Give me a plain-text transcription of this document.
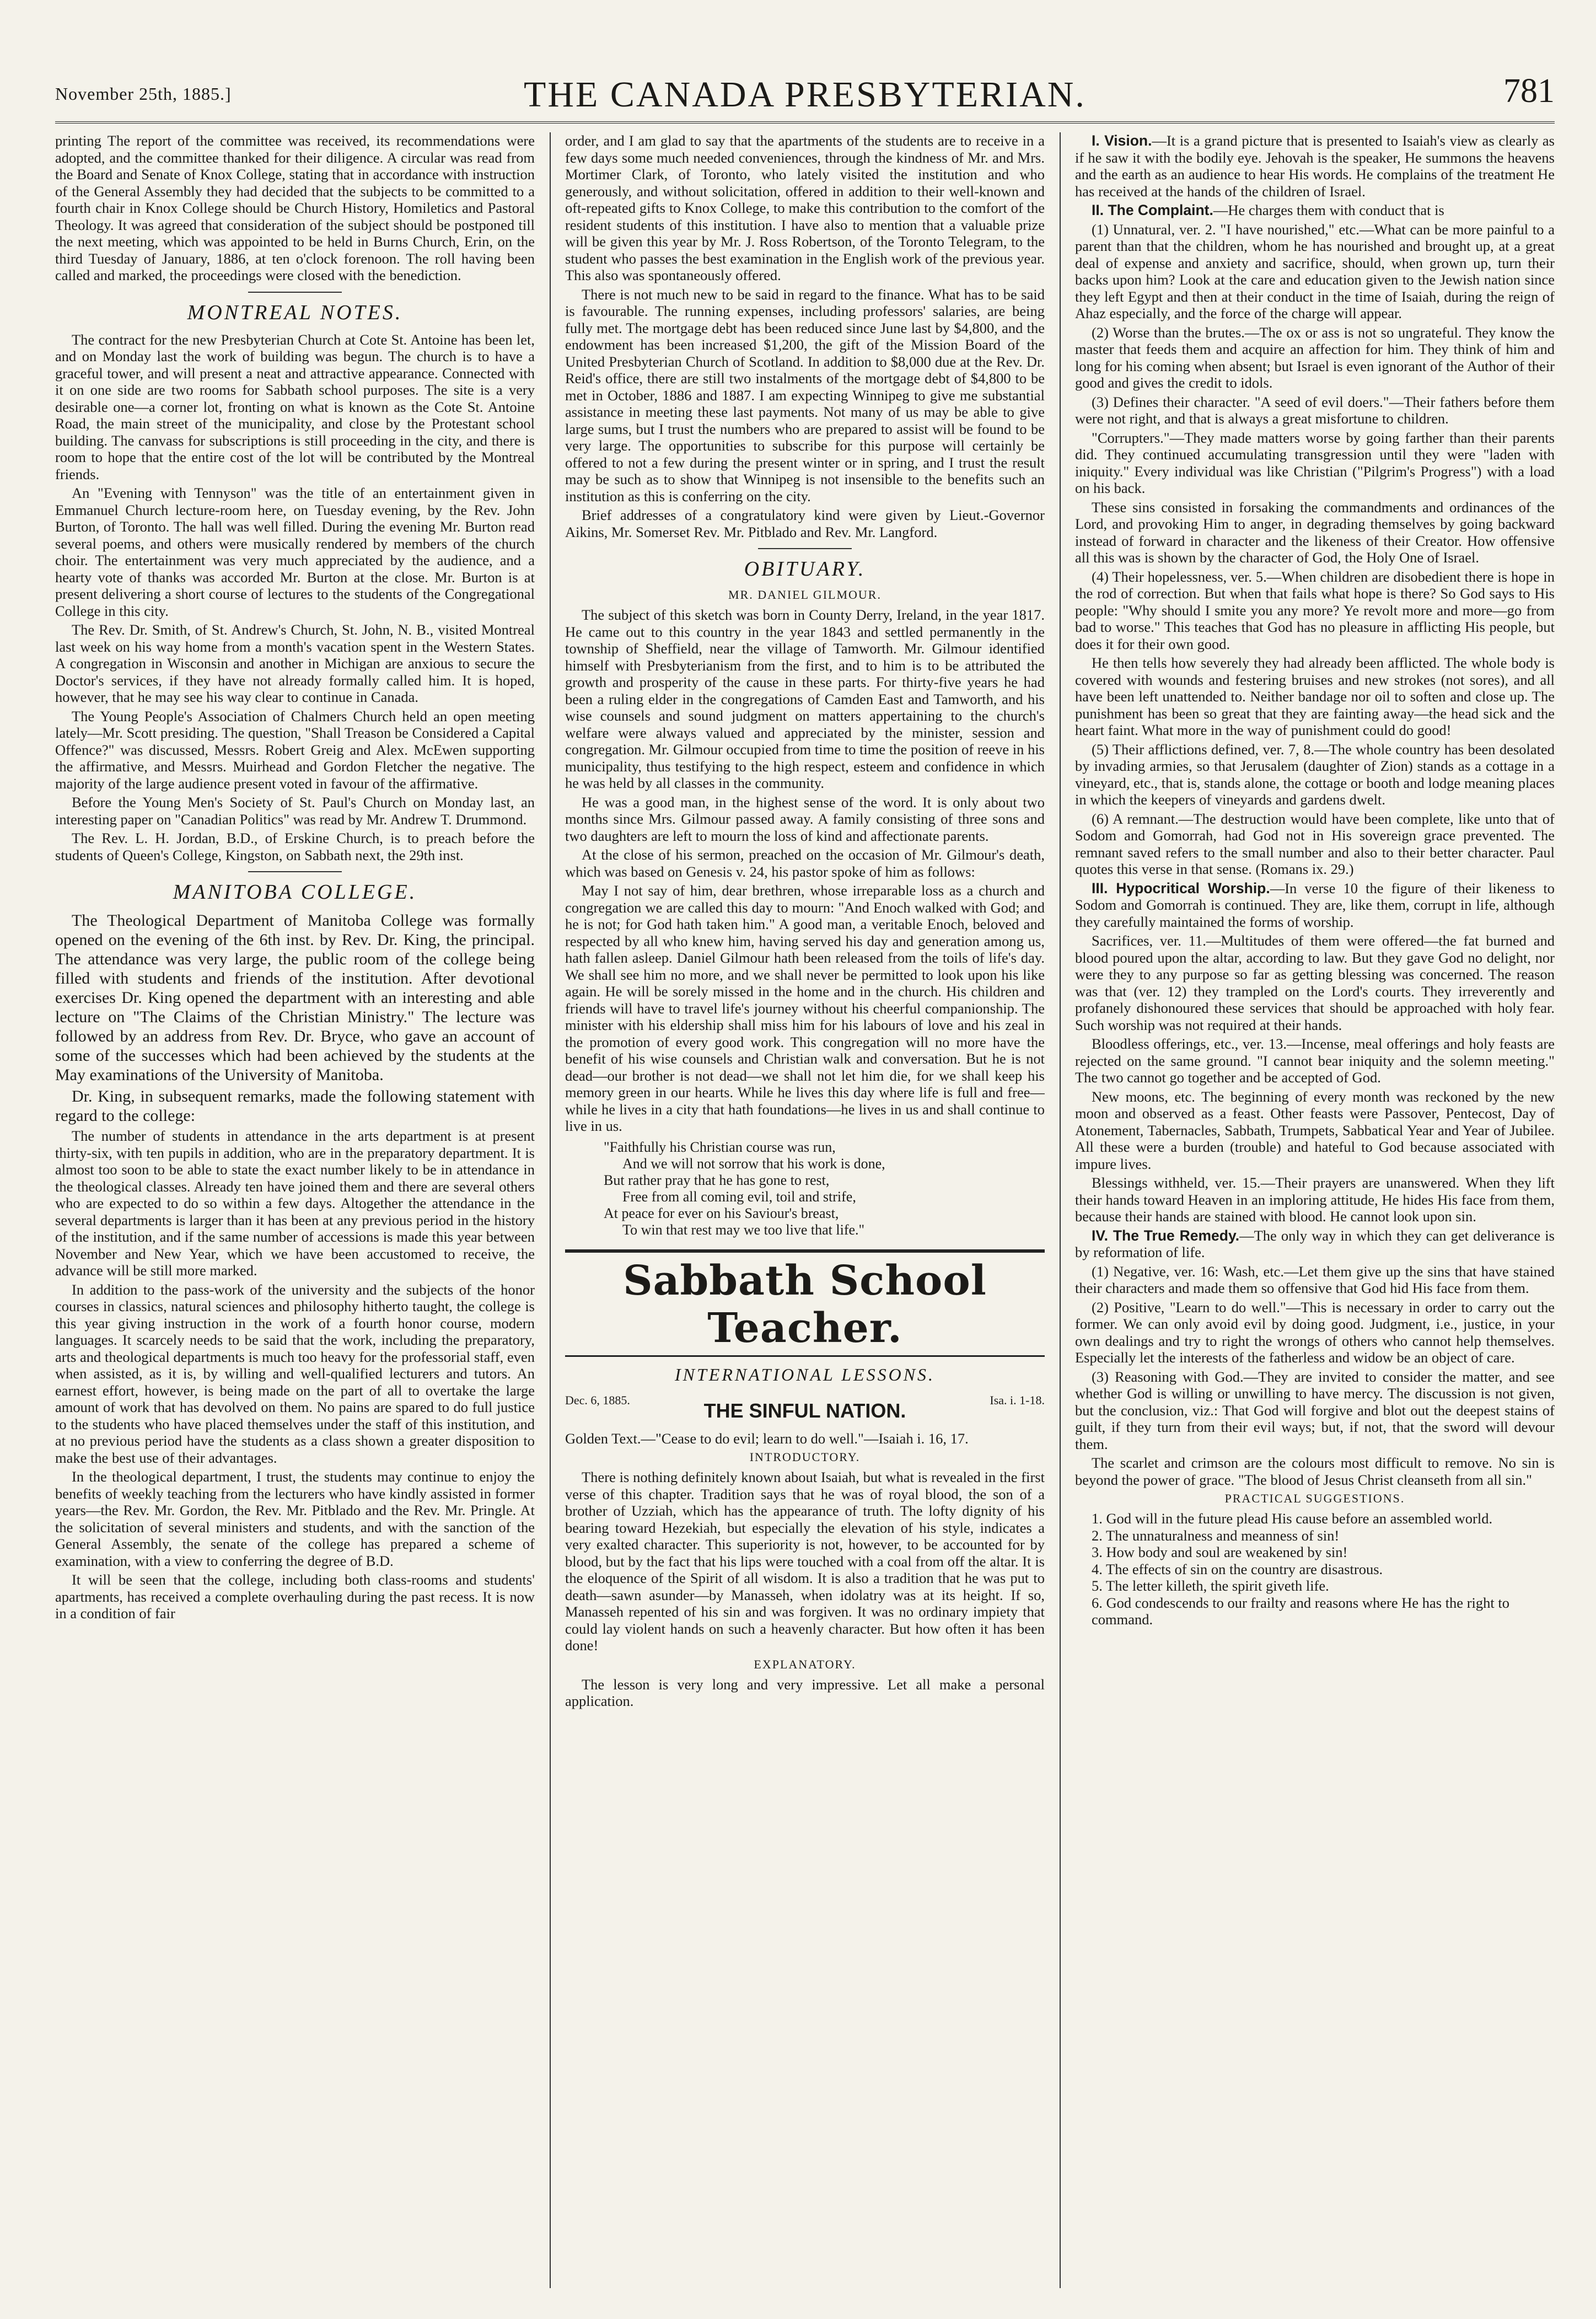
November 25th, 1885.]	THE CANADA PRESBYTERIAN.	781

printing The report of the committee was received, its recommendations were adopted, and the committee thanked for their diligence. A circular was read from the Board and Senate of Knox College, stating that in accordance with instruction of the General Assembly they had decided that the subjects to be committed to a fourth chair in Knox College should be Church History, Homiletics and Pastoral Theology. It was agreed that consideration of the subject should be postponed till the next meeting, which was appointed to be held in Burns Church, Erin, on the third Tuesday of January, 1886, at ten o'clock forenoon. The roll having been called and marked, the proceedings were closed with the benediction.

MONTREAL NOTES.

The contract for the new Presbyterian Church at Cote St. Antoine has been let, and on Monday last the work of building was begun. The church is to have a graceful tower, and will present a neat and attractive appearance. Connected with it on one side are two rooms for Sabbath school purposes. The site is a very desirable one—a corner lot, fronting on what is known as the Cote St. Antoine Road, the main street of the municipality, and close by the Protestant school building. The canvass for subscriptions is still proceeding in the city, and there is room to hope that the entire cost of the lot will be contributed by the Montreal friends.

An "Evening with Tennyson" was the title of an entertainment given in Emmanuel Church lecture-room here, on Tuesday evening, by the Rev. John Burton, of Toronto. The hall was well filled. During the evening Mr. Burton read several poems, and others were musically rendered by members of the church choir. The entertainment was very much appreciated by the audience, and a hearty vote of thanks was accorded Mr. Burton at the close. Mr. Burton is at present delivering a short course of lectures to the students of the Congregational College in this city.

The Rev. Dr. Smith, of St. Andrew's Church, St. John, N. B., visited Montreal last week on his way home from a month's vacation spent in the Western States. A congregation in Wisconsin and another in Michigan are anxious to secure the Doctor's services, if they have not already formally called him. It is hoped, however, that he may see his way clear to continue in Canada.

The Young People's Association of Chalmers Church held an open meeting lately—Mr. Scott presiding. The question, "Shall Treason be Considered a Capital Offence?" was discussed, Messrs. Robert Greig and Alex. McEwen supporting the affirmative, and Messrs. Muirhead and Gordon Fletcher the negative. The majority of the large audience present voted in favour of the affirmative.

Before the Young Men's Society of St. Paul's Church on Monday last, an interesting paper on "Canadian Politics" was read by Mr. Andrew T. Drummond.

The Rev. L. H. Jordan, B.D., of Erskine Church, is to preach before the students of Queen's College, Kingston, on Sabbath next, the 29th inst.

MANITOBA COLLEGE.

The Theological Department of Manitoba College was formally opened on the evening of the 6th inst. by Rev. Dr. King, the principal. The attendance was very large, the public room of the college being filled with students and friends of the institution. After devotional exercises Dr. King opened the department with an interesting and able lecture on "The Claims of the Christian Ministry." The lecture was followed by an address from Rev. Dr. Bryce, who gave an account of some of the successes which had been achieved by the students at the May examinations of the University of Manitoba.

Dr. King, in subsequent remarks, made the following statement with regard to the college:

The number of students in attendance in the arts department is at present thirty-six, with ten pupils in addition, who are in the preparatory department. It is almost too soon to be able to state the exact number likely to be in attendance in the theological classes. Already ten have joined them and there are several others who are expected to do so within a few days. Altogether the attendance in the several departments is larger than it has been at any previous period in the history of the institution, and if the same number of accessions is made this year between November and New Year, which we have been accustomed to receive, the advance will be still more marked.

In addition to the pass-work of the university and the subjects of the honor courses in classics, natural sciences and philosophy hitherto taught, the college is this year giving instruction in the work of a fourth honor course, modern languages. It scarcely needs to be said that the work, including the preparatory, arts and theological departments is much too heavy for the professorial staff, even when assisted, as it is, by willing and well-qualified lecturers and tutors. An earnest effort, however, is being made on the part of all to overtake the large amount of work that has devolved on them. No pains are spared to do full justice to the students who have placed themselves under the staff of this institution, and at no previous period have the students as a class shown a greater disposition to make the best use of their advantages.

In the theological department, I trust, the students may continue to enjoy the benefits of weekly teaching from the lecturers who have kindly assisted in former years—the Rev. Mr. Gordon, the Rev. Mr. Pitblado and the Rev. Mr. Pringle. At the solicitation of several ministers and students, and with the sanction of the General Assembly, the senate of the college has prepared a scheme of examination, with a view to conferring the degree of B.D.

It will be seen that the college, including both class-rooms and students' apartments, has received a complete overhauling during the past recess. It is now in a condition of fair

order, and I am glad to say that the apartments of the students are to receive in a few days some much needed conveniences, through the kindness of Mr. and Mrs. Mortimer Clark, of Toronto, who lately visited the institution and who generously, and without solicitation, offered in addition to their well-known and oft-repeated gifts to Knox College, to make this contribution to the comfort of the resident students of this institution. I have also to mention that a valuable prize will be given this year by Mr. J. Ross Robertson, of the Toronto Telegram, to the student who passes the best examination in the English work of the previous year. This also was spontaneously offered.

There is not much new to be said in regard to the finance. What has to be said is favourable. The running expenses, including professors' salaries, are being fully met. The mortgage debt has been reduced since June last by $4,800, and the endowment has been increased $1,200, the gift of the Mission Board of the United Presbyterian Church of Scotland. In addition to $8,000 due at the Rev. Dr. Reid's office, there are still two instalments of the mortgage debt of $4,800 to be met in October, 1886 and 1887. I am expecting Winnipeg to give me substantial assistance in meeting these last payments. Not many of us may be able to give large sums, but I trust the numbers who are prepared to assist will be found to be very large. The opportunities to subscribe for this purpose will certainly be offered to not a few during the present winter or in spring, and I trust the result may be such as to show that Winnipeg is not insensible to the benefits such an institution as this is conferring on the city.

Brief addresses of a congratulatory kind were given by Lieut.-Governor Aikins, Mr. Somerset Rev. Mr. Pitblado and Rev. Mr. Langford.

OBITUARY.
MR. DANIEL GILMOUR.

The subject of this sketch was born in County Derry, Ireland, in the year 1817. He came out to this country in the year 1843 and settled permanently in the township of Sheffield, near the village of Tamworth. Mr. Gilmour identified himself with Presbyterianism from the first, and to him is to be attributed the growth and prosperity of the cause in these parts. For thirty-five years he had been a ruling elder in the congregations of Camden East and Tamworth, and his wise counsels and sound judgment on matters appertaining to the church's welfare were always valued and appreciated by the minister, session and congregation. Mr. Gilmour occupied from time to time the position of reeve in his municipality, thus testifying to the high respect, esteem and confidence in which he was held by all classes in the community.

He was a good man, in the highest sense of the word. It is only about two months since Mrs. Gilmour passed away. A family consisting of three sons and two daughters are left to mourn the loss of kind and affectionate parents.

At the close of his sermon, preached on the occasion of Mr. Gilmour's death, which was based on Genesis v. 24, his pastor spoke of him as follows:

May I not say of him, dear brethren, whose irreparable loss as a church and congregation we are called this day to mourn: "And Enoch walked with God; and he is not; for God hath taken him." A good man, a veritable Enoch, beloved and respected by all who knew him, having served his day and generation among us, hath fallen asleep. Daniel Gilmour hath been released from the toils of life's day. We shall see him no more, and we shall never be permitted to look upon his like again. He will be sorely missed in the home and in the church. His children and friends will have to travel life's journey without his cheerful companionship. The minister with his eldership shall miss him for his labours of love and his zeal in the promotion of every good work. This congregation will no more have the benefit of his wise counsels and Christian walk and conversation. But he is not dead—our brother is not dead—we shall not let him die, for we shall keep his memory green in our hearts. While he lives this day where life is full and free—while he lives in a city that hath foundations—he lives in us and shall continue to live in us.

"Faithfully his Christian course was run,
And we will not sorrow that his work is done,
But rather pray that he has gone to rest,
Free from all coming evil, toil and strife,
At peace for ever on his Saviour's breast,
To win that rest may we too live that life."
Sabbath School Teacher.
INTERNATIONAL LESSONS.
Dec. 6, 1885.	THE SINFUL NATION.	Isa. i. 1-18.

Golden Text.—"Cease to do evil; learn to do well."—Isaiah i. 16, 17.

INTRODUCTORY.

There is nothing definitely known about Isaiah, but what is revealed in the first verse of this chapter. Tradition says that he was of royal blood, the son of a brother of Uzziah, which has the appearance of truth. The lofty dignity of his bearing toward Hezekiah, but especially the elevation of his style, indicates a very exalted character. This superiority is not, however, to be accounted for by blood, but by the fact that his lips were touched with a coal from off the altar. It is the eloquence of the Spirit of all wisdom. It is also a tradition that he was put to death—sawn asunder—by Manasseh, when idolatry was at its height. If so, Manasseh repented of his sin and was forgiven. It was no ordinary impiety that could lay violent hands on such a heavenly character. But how often it has been done!

EXPLANATORY.

The lesson is very long and very impressive. Let all make a personal application.

I. Vision.—It is a grand picture that is presented to Isaiah's view as clearly as if he saw it with the bodily eye. Jehovah is the speaker, He summons the heavens and the earth as an audience to hear His words. He complains of the treatment He has received at the hands of the children of Israel.

II. The Complaint.—He charges them with conduct that is

(1) Unnatural, ver. 2. "I have nourished," etc.—What can be more painful to a parent than that the children, whom he has nourished and brought up, at a great deal of expense and anxiety and sacrifice, should, when grown up, turn their backs upon him? Look at the care and education given to the Jewish nation since they left Egypt and then at their conduct in the time of Isaiah, during the reign of Ahaz especially, and the force of the charge will appear.

(2) Worse than the brutes.—The ox or ass is not so ungrateful. They know the master that feeds them and acquire an affection for him. They think of him and long for his coming when absent; but Israel is even ignorant of the Author of their good and gives the credit to idols.

(3) Defines their character. "A seed of evil doers."—Their fathers before them were not right, and that is always a great misfortune to children.

"Corrupters."—They made matters worse by going farther than their parents did. They continued accumulating transgression until they were "laden with iniquity." Every individual was like Christian ("Pilgrim's Progress") with a load on his back.

These sins consisted in forsaking the commandments and ordinances of the Lord, and provoking Him to anger, in degrading themselves by going backward instead of forward in character and the likeness of their Creator. How offensive all this was is shown by the character of God, the Holy One of Israel.

(4) Their hopelessness, ver. 5.—When children are disobedient there is hope in the rod of correction. But when that fails what hope is there? So God says to His people: "Why should I smite you any more? Ye revolt more and more—go from bad to worse." This teaches that God has no pleasure in afflicting His people, but does it for their own good.

He then tells how severely they had already been afflicted. The whole body is covered with wounds and festering bruises and new strokes (not sores), and all have been left unattended to. Neither bandage nor oil to soften and close up. The punishment has been so great that they are fainting away—the head sick and the heart faint. What more in the way of punishment could do good!

(5) Their afflictions defined, ver. 7, 8.—The whole country has been desolated by invading armies, so that Jerusalem (daughter of Zion) stands as a cottage in a vineyard, etc., that is, stands alone, the cottage or booth and lodge meaning places in which the keepers of vineyards and gardens dwelt.

(6) A remnant.—The destruction would have been complete, like unto that of Sodom and Gomorrah, had God not in His sovereign grace prevented. The remnant saved refers to the small number and also to their better character. Paul quotes this verse in that sense. (Romans ix. 29.)

III. Hypocritical Worship.—In verse 10 the figure of their likeness to Sodom and Gomorrah is continued. They are, like them, corrupt in life, although they carefully maintained the forms of worship.

Sacrifices, ver. 11.—Multitudes of them were offered—the fat burned and blood poured upon the altar, according to law. But they gave God no delight, nor were they to any purpose so far as getting blessing was concerned. The reason was that (ver. 12) they trampled on the Lord's courts. They irreverently and profanely dishonoured these services that should be approached with holy fear. Such worship was not required at their hands.

Bloodless offerings, etc., ver. 13.—Incense, meal offerings and holy feasts are rejected on the same ground. "I cannot bear iniquity and the solemn meeting." The two cannot go together and be accepted of God.

New moons, etc. The beginning of every month was reckoned by the new moon and observed as a feast. Other feasts were Passover, Pentecost, Day of Atonement, Tabernacles, Sabbath, Trumpets, Sabbatical Year and Year of Jubilee. All these were a burden (trouble) and hateful to God because associated with impure lives.

Blessings withheld, ver. 15.—Their prayers are unanswered. When they lift their hands toward Heaven in an imploring attitude, He hides His face from them, because their hands are stained with blood. He cannot look upon sin.

IV. The True Remedy.—The only way in which they can get deliverance is by reformation of life.

(1) Negative, ver. 16: Wash, etc.—Let them give up the sins that have stained their characters and made them so offensive that God hid His face from them.

(2) Positive, "Learn to do well."—This is necessary in order to carry out the former. We can only avoid evil by doing good. Judgment, i.e., justice, in your own dealings and try to right the wrongs of others who cannot help themselves. Especially let the interests of the fatherless and widow be an object of care.

(3) Reasoning with God.—They are invited to consider the matter, and see whether God is willing or unwilling to have mercy. The discussion is not given, but the conclusion, viz.: That God will forgive and blot out the deepest stains of guilt, if they turn from their evil ways; but, if not, that the sword will devour them.

The scarlet and crimson are the colours most difficult to remove. No sin is beyond the power of grace. "The blood of Jesus Christ cleanseth from all sin."

PRACTICAL SUGGESTIONS.
1. God will in the future plead His cause before an assembled world.
2. The unnaturalness and meanness of sin!
3. How body and soul are weakened by sin!
4. The effects of sin on the country are disastrous.
5. The letter killeth, the spirit giveth life.
6. God condescends to our frailty and reasons where He has the right to command.
